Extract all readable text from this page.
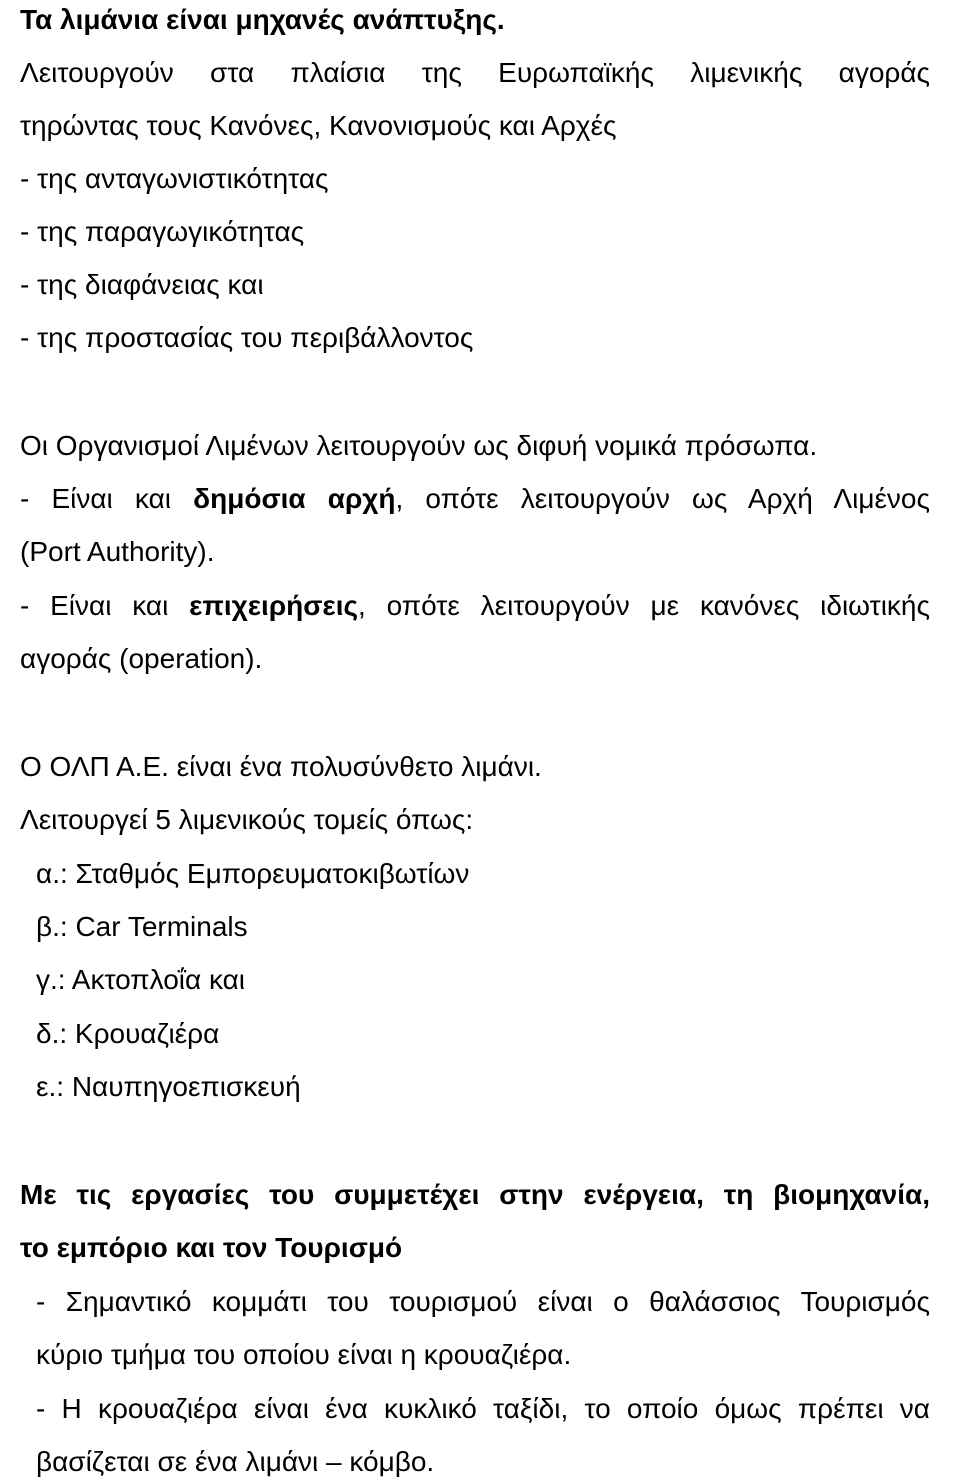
Τα λιμάνια είναι μηχανές ανάπτυξης.
Λειτουργούν στα πλαίσια της Ευρωπαϊκής λιμενικής αγοράς
τηρώντας τους Κανόνες, Κανονισμούς και Αρχές
- της ανταγωνιστικότητας
- της παραγωγικότητας
- της διαφάνειας και
- της προστασίας του περιβάλλοντος
Οι Οργανισμοί Λιμένων λειτουργούν ως διφυή νομικά πρόσωπα.
- Είναι και δημόσια αρχή, οπότε λειτουργούν ως Αρχή Λιμένος
(Port Authority).
- Είναι και επιχειρήσεις, οπότε λειτουργούν με κανόνες ιδιωτικής
αγοράς (operation).
Ο ΟΛΠ Α.Ε. είναι ένα πολυσύνθετο λιμάνι.
Λειτουργεί 5 λιμενικούς τομείς όπως:
α.: Σταθμός Εμπορευματοκιβωτίων
β.: Car Terminals
γ.: Ακτοπλοΐα και
δ.: Κρουαζιέρα
ε.: Ναυπηγοεπισκευή
Με τις εργασίες του συμμετέχει στην ενέργεια, τη βιομηχανία,
το εμπόριο και τον Τουρισμό
- Σημαντικό κομμάτι του τουρισμού είναι ο θαλάσσιος Τουρισμός
κύριο τμήμα του οποίου είναι η κρουαζιέρα.
- Η κρουαζιέρα είναι ένα κυκλικό ταξίδι, το οποίο όμως πρέπει να
βασίζεται σε ένα λιμάνι – κόμβο.
